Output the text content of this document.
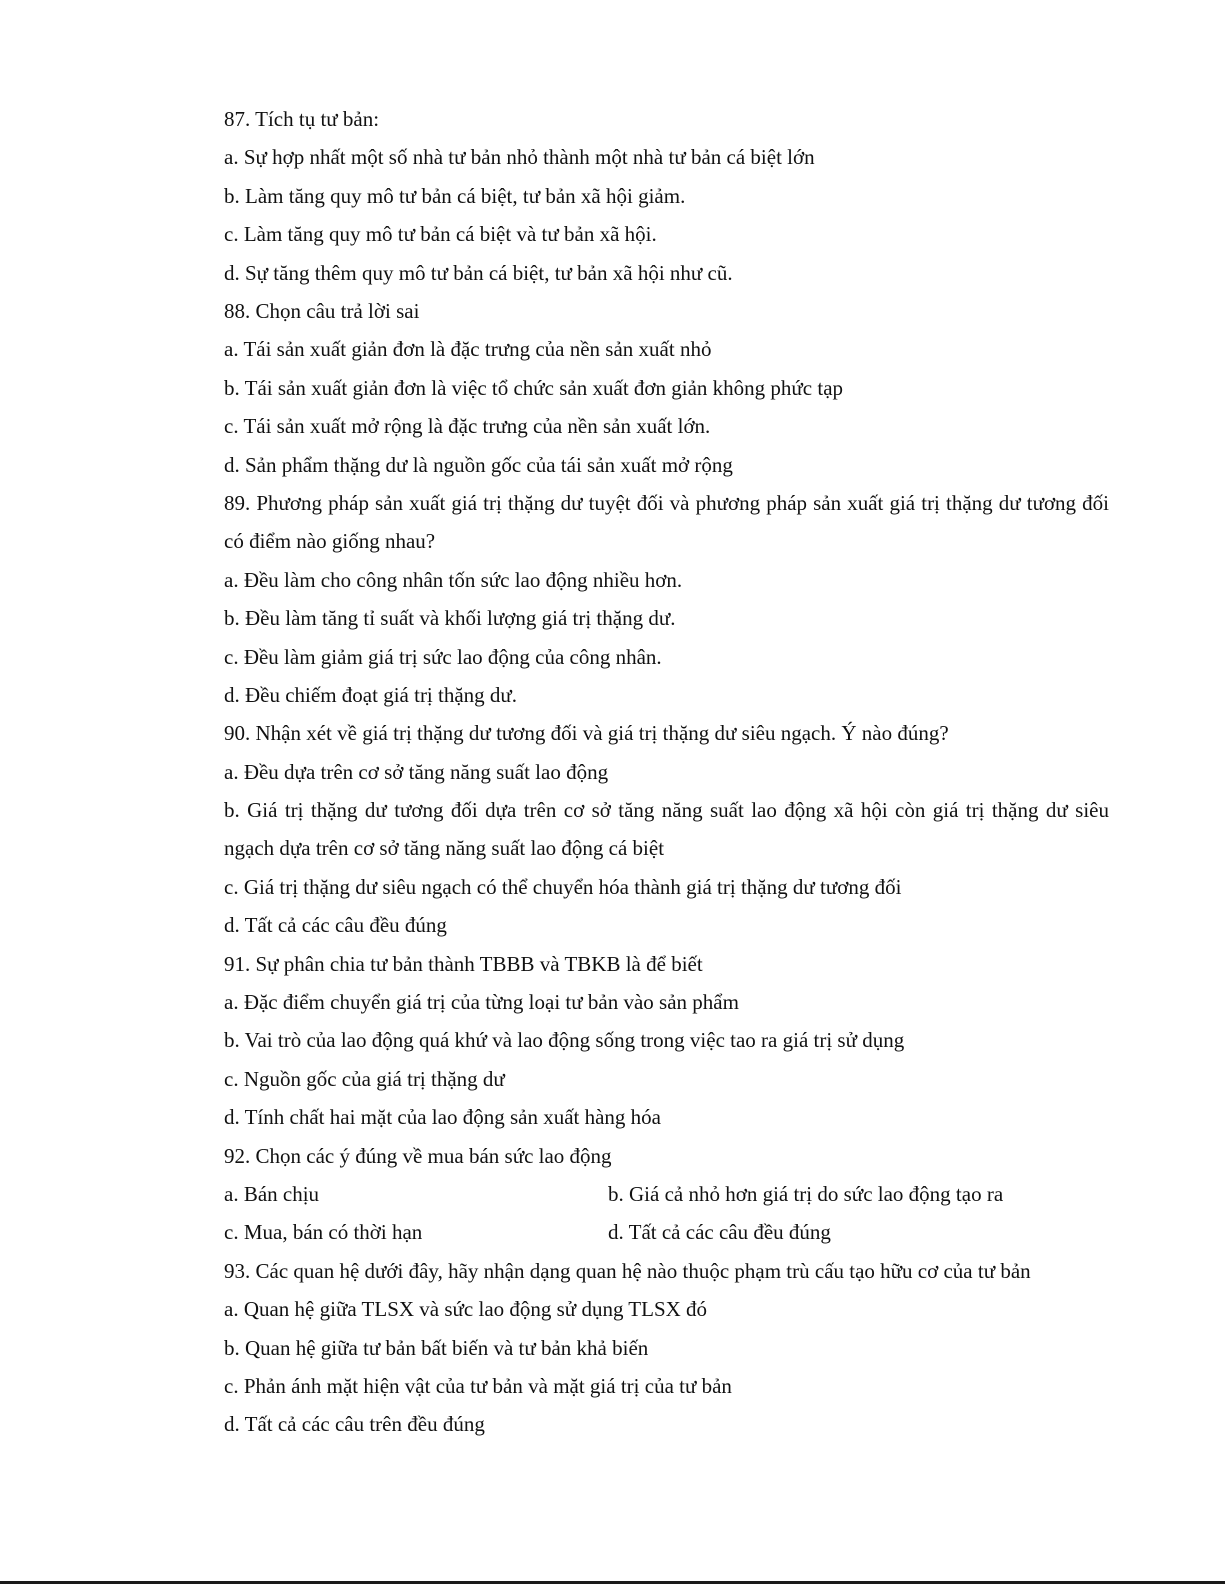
87. Tích tụ tư bản:
a. Sự hợp nhất một số nhà tư bản nhỏ thành một nhà tư bản cá biệt lớn
b. Làm tăng quy mô tư bản cá biệt, tư bản xã hội giảm.
c. Làm tăng quy mô tư bản cá biệt và tư bản xã hội.
d. Sự tăng thêm quy mô tư bản cá biệt, tư bản xã hội như cũ.
88. Chọn câu trả lời sai
a. Tái sản xuất giản đơn là đặc trưng của nền sản xuất nhỏ
b. Tái sản xuất giản đơn là việc tổ chức sản xuất đơn giản không phức tạp
c. Tái sản xuất mở rộng là đặc trưng của nền sản xuất lớn.
d. Sản phẩm thặng dư là nguồn gốc của tái sản xuất mở rộng
89. Phương pháp sản xuất giá trị thặng dư tuyệt đối và phương pháp sản xuất giá trị thặng dư tương đối có điểm nào giống nhau?
a. Đều làm cho công nhân tốn sức lao động nhiều hơn.
b. Đều làm tăng tỉ suất và khối lượng giá trị thặng dư.
c. Đều làm giảm giá trị sức lao động của công nhân.
d. Đều chiếm đoạt giá trị thặng dư.
90. Nhận xét về giá trị thặng dư tương đối và giá trị thặng dư siêu ngạch. Ý nào đúng?
a. Đều dựa trên cơ sở tăng năng suất lao động
b. Giá trị thặng dư tương đối dựa trên cơ sở tăng năng suất lao động xã hội còn giá trị thặng dư siêu ngạch dựa trên cơ sở tăng năng suất lao động cá biệt
c. Giá trị thặng dư siêu ngạch có thể chuyển hóa thành giá trị thặng dư tương đối
d. Tất cả các câu đều đúng
91. Sự phân chia tư bản thành TBBB và TBKB là để biết
a. Đặc điểm chuyển giá trị của từng loại tư bản vào sản phẩm
b. Vai trò của lao động quá khứ và lao động sống trong việc tao ra giá trị sử dụng
c. Nguồn gốc của giá trị thặng dư
d. Tính chất hai mặt của lao động sản xuất hàng hóa
92. Chọn các ý đúng về mua bán sức lao động
a. Bán chịu	b. Giá cả nhỏ hơn giá trị do sức lao động tạo ra
c. Mua, bán có thời hạn	d. Tất cả các câu đều đúng
93. Các quan hệ dưới đây, hãy nhận dạng quan hệ nào thuộc phạm trù cấu tạo hữu cơ của tư bản
a. Quan hệ giữa TLSX và sức lao động sử dụng TLSX đó
b. Quan hệ giữa tư bản bất biến và tư bản khả biến
c. Phản ánh mặt hiện vật của tư bản và mặt giá trị của tư bản
d. Tất cả các câu trên đều đúng
